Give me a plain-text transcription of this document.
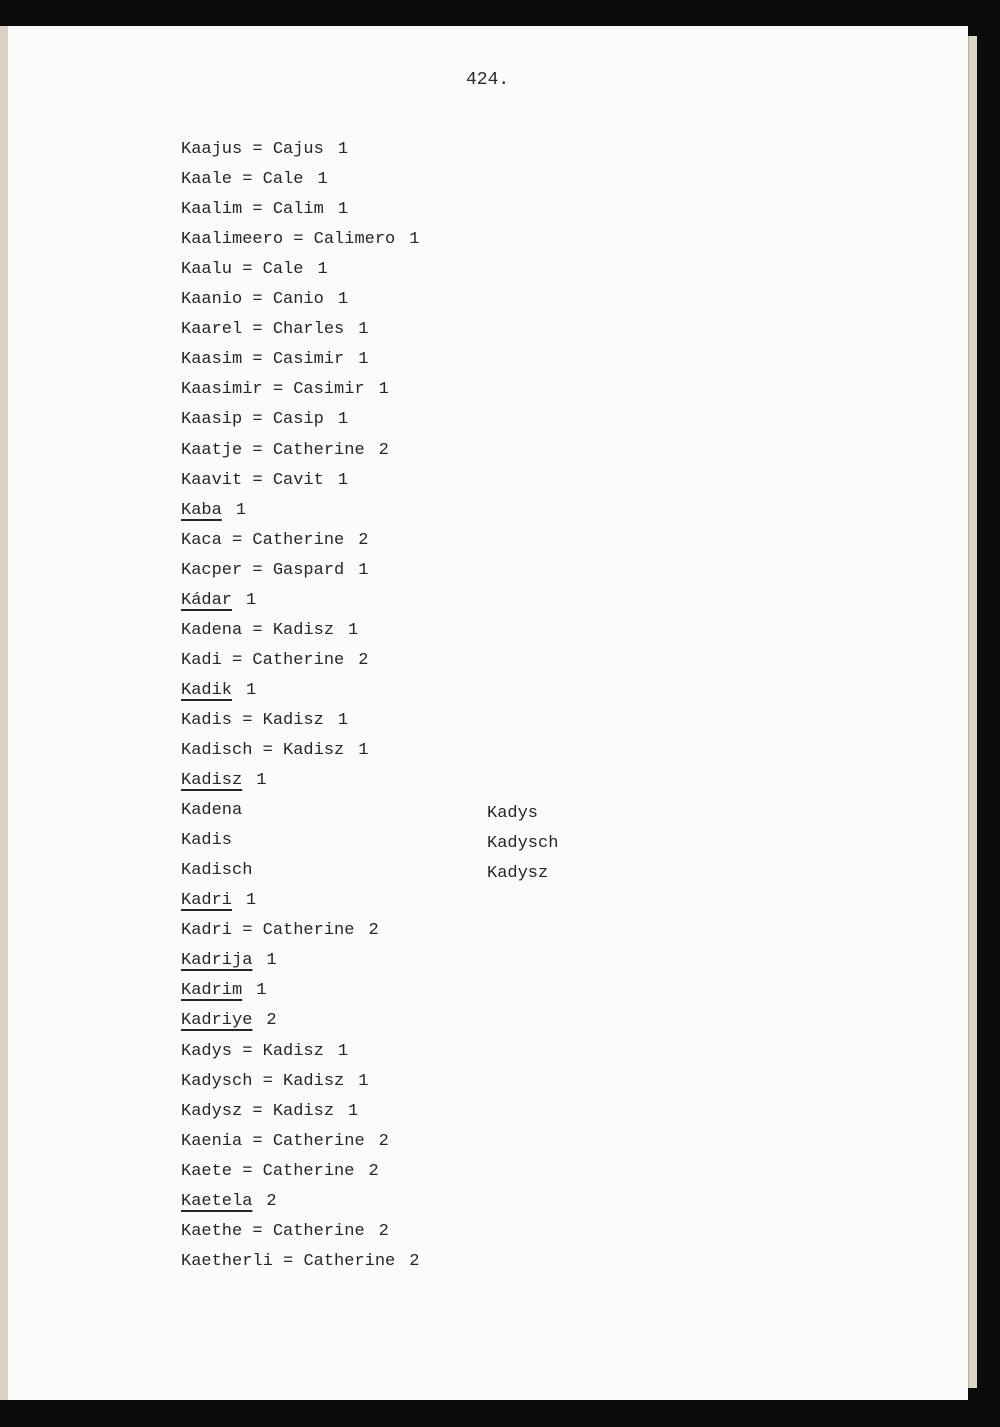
424.
Kaajus = Cajus 1
Kaale = Cale 1
Kaalim = Calim 1
Kaalimeero = Calimero 1
Kaalu = Cale 1
Kaanio = Canio 1
Kaarel = Charles 1
Kaasim = Casimir 1
Kaasimir = Casimir 1
Kaasip = Casip 1
Kaatje = Catherine 2
Kaavit = Cavit 1
Kaba 1
Kaca = Catherine 2
Kacper = Gaspard 1
Kádar 1
Kadena = Kadisz 1
Kadi = Catherine 2
Kadik 1
Kadis = Kadisz 1
Kadisch = Kadisz 1
Kadisz 1
Kadena	Kadys
Kadis	Kadysch
Kadisch	Kadysz
Kadri 1
Kadri = Catherine 2
Kadrija 1
Kadrim 1
Kadriye 2
Kadys = Kadisz 1
Kadysch = Kadisz 1
Kadysz = Kadisz 1
Kaenia = Catherine 2
Kaete = Catherine 2
Kaetela 2
Kaethe = Catherine 2
Kaetherli = Catherine 2
